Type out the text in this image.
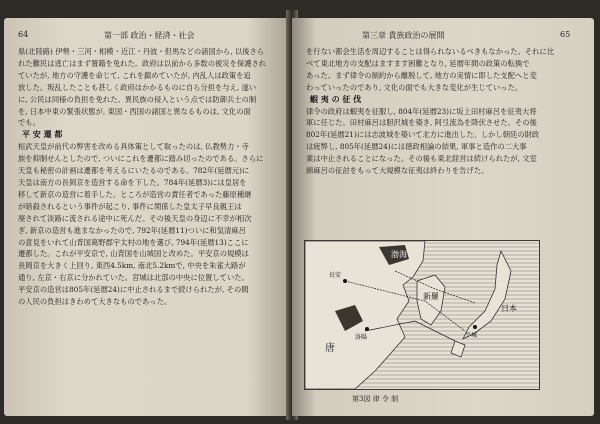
64	第一部 政治・経済・社会

県(北陸路) 伊勢・三河・相模・近江・丹波・但馬などの諸国から, 以後さら

れた難民は逃亡はまず置籍を免れた。政府は以前から多数の被災を保護され

ていたが, 地方の守護を命じて, これを鎮めていたが, 内乱人は政策を追

放した。叛乱したことも甚しく政府はかかるものに自ら分担を与え, 遂い

に, 公民は同様の負担を免れた。異民族の侵入という点では防御兵士の制

を, 日本中東の緊張状態が, 東国・西国の諸国と異なるものは, 文化の面

でも。

平 安 遷 都

桓武天皇が前代の弊害を改める具体策として取ったのは, 仏教勢力・寺

族を抑制せんとしたので, ついにこれを遷都に踏み切ったのである。さらに

天皇も秘密の計画は遷都を考えるにいたるのである。782年(延暦元)に

天皇は南方の長岡京を造営する命を下した。784年(延暦3)には皇居を

移して新京の造営に着手した。ところが造営の責任者であった藤原種継

が暗殺されるという事件が起こり, 事件に関係した皇太子早良親王は

廃されて淡路に流される途中に死んだ。その後天皇の身辺に不幸が相次

ぎ, 新京の造営も進まなかったので, 792年(延暦11)ついに和気清麻呂

の意見をいれて山背国葛野郡宇太村の地を選び, 794年(延暦13)ここに

遷都した。これが平安京で, 山背国を山城国と改めた。平安京の規模は

長岡京を大きく上回り, 東西4.5km, 南北5.2kmで, 中央を朱雀大路が

通り, 左京・右京に分かれていた。宮城は北部の中央に位置していた。

平安京の造営は805年(延暦24)に中止されるまで続けられたが, その間

の人民の負担はきわめて大きなものであった。

第三章 貴族政治の展開	65

を行ない都会生活を周辺することは得られないるべきもなかった。それに比

べて東北地方の支配はますます困難となり, 延暦年間の政策の転換で

あった。まず律令の制約から離脱して, 地方の実情に即した支配へと変

わっていったのであり, 文化の面でも大きな変化が生じていった。

蝦 夷 の 征 伐

律令の政府は蝦夷を征服し, 804年(延暦23)に坂上田村麻呂を征夷大将

軍に任じた。田村麻呂は胆沢城を築き, 阿弖流為を降伏させた。その後

802年(延暦21)には志波城を築いて北方に進出した。しかし朝廷の財政

は疲弊し, 805年(延暦24)には徳政相論の結果, 軍事と造作の二大事

業は中止されることになった。その後も東北経営は続けられたが, 文室

綿麻呂の征討をもって大規模な征夷は終わりを告げた。

渤海
新羅
唐
日本
長安
洛陽	平城
第3図 律 令 制
